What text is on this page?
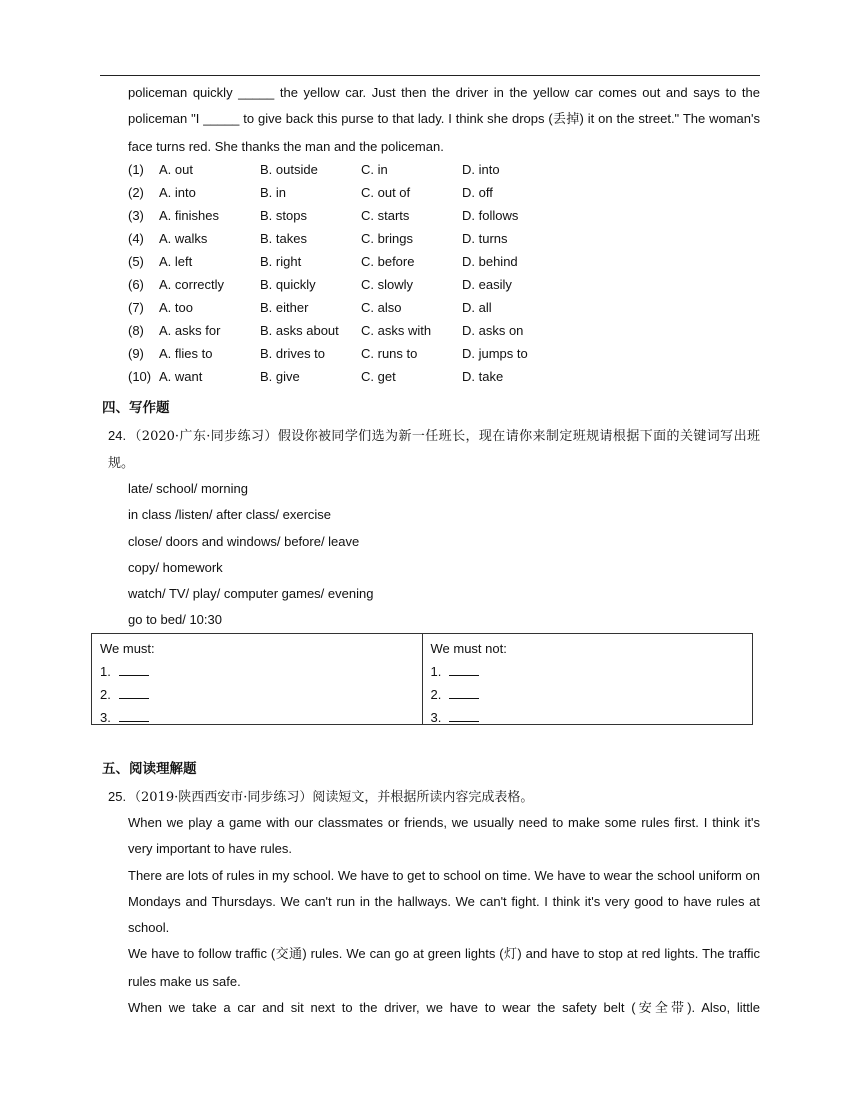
policeman quickly _____ the yellow car. Just then the driver in the yellow car comes out and says to the policeman "I _____ to give back this purse to that lady. I think she drops (丢掉) it on the street." The woman's face turns red. She thanks the man and the policeman.

(1) A. out	B. outside	C. in	D. into
(2) A. into	B. in	C. out of	D. off
(3) A. finishes	B. stops	C. starts	D. follows
(4) A. walks	B. takes	C. brings	D. turns
(5) A. left	B. right	C. before	D. behind
(6) A. correctly	B. quickly	C. slowly	D. easily
(7) A. too	B. either	C. also	D. all
(8) A. asks for	B. asks about C. asks with D. asks on
(9) A. flies to	B. drives to	C. runs to	D. jumps to
(10) A. want	B. give	C. get	D. take
四、写作题

24. （2020·广东·同步练习）假设你被同学们选为新一任班长，现在请你来制定班规请根据下面的关键词写出班规。

late/ school/ morning
in class /listen/ after class/ exercise
close/ doors and windows/ before/ leave
copy/ homework
watch/ TV/ play/ computer games/ evening
go to bed/ 10:30
We must:
1.
2.
3.
We must not:
1.
2.
3.
五、阅读理解题

25. （2019·陕西西安市·同步练习）阅读短文，并根据所读内容完成表格。

When we play a game with our classmates or friends, we usually need to make some rules first. I think it's very important to have rules.

There are lots of rules in my school. We have to get to school on time. We have to wear the school uniform on Mondays and Thursdays. We can't run in the hallways. We can't fight. I think it's very good to have rules at school.

We have to follow traffic (交通) rules. We can go at green lights (灯) and have to stop at red lights. The traffic rules make us safe.

When we take a car and sit next to the driver, we have to wear the safety belt (安全带). Also, little
